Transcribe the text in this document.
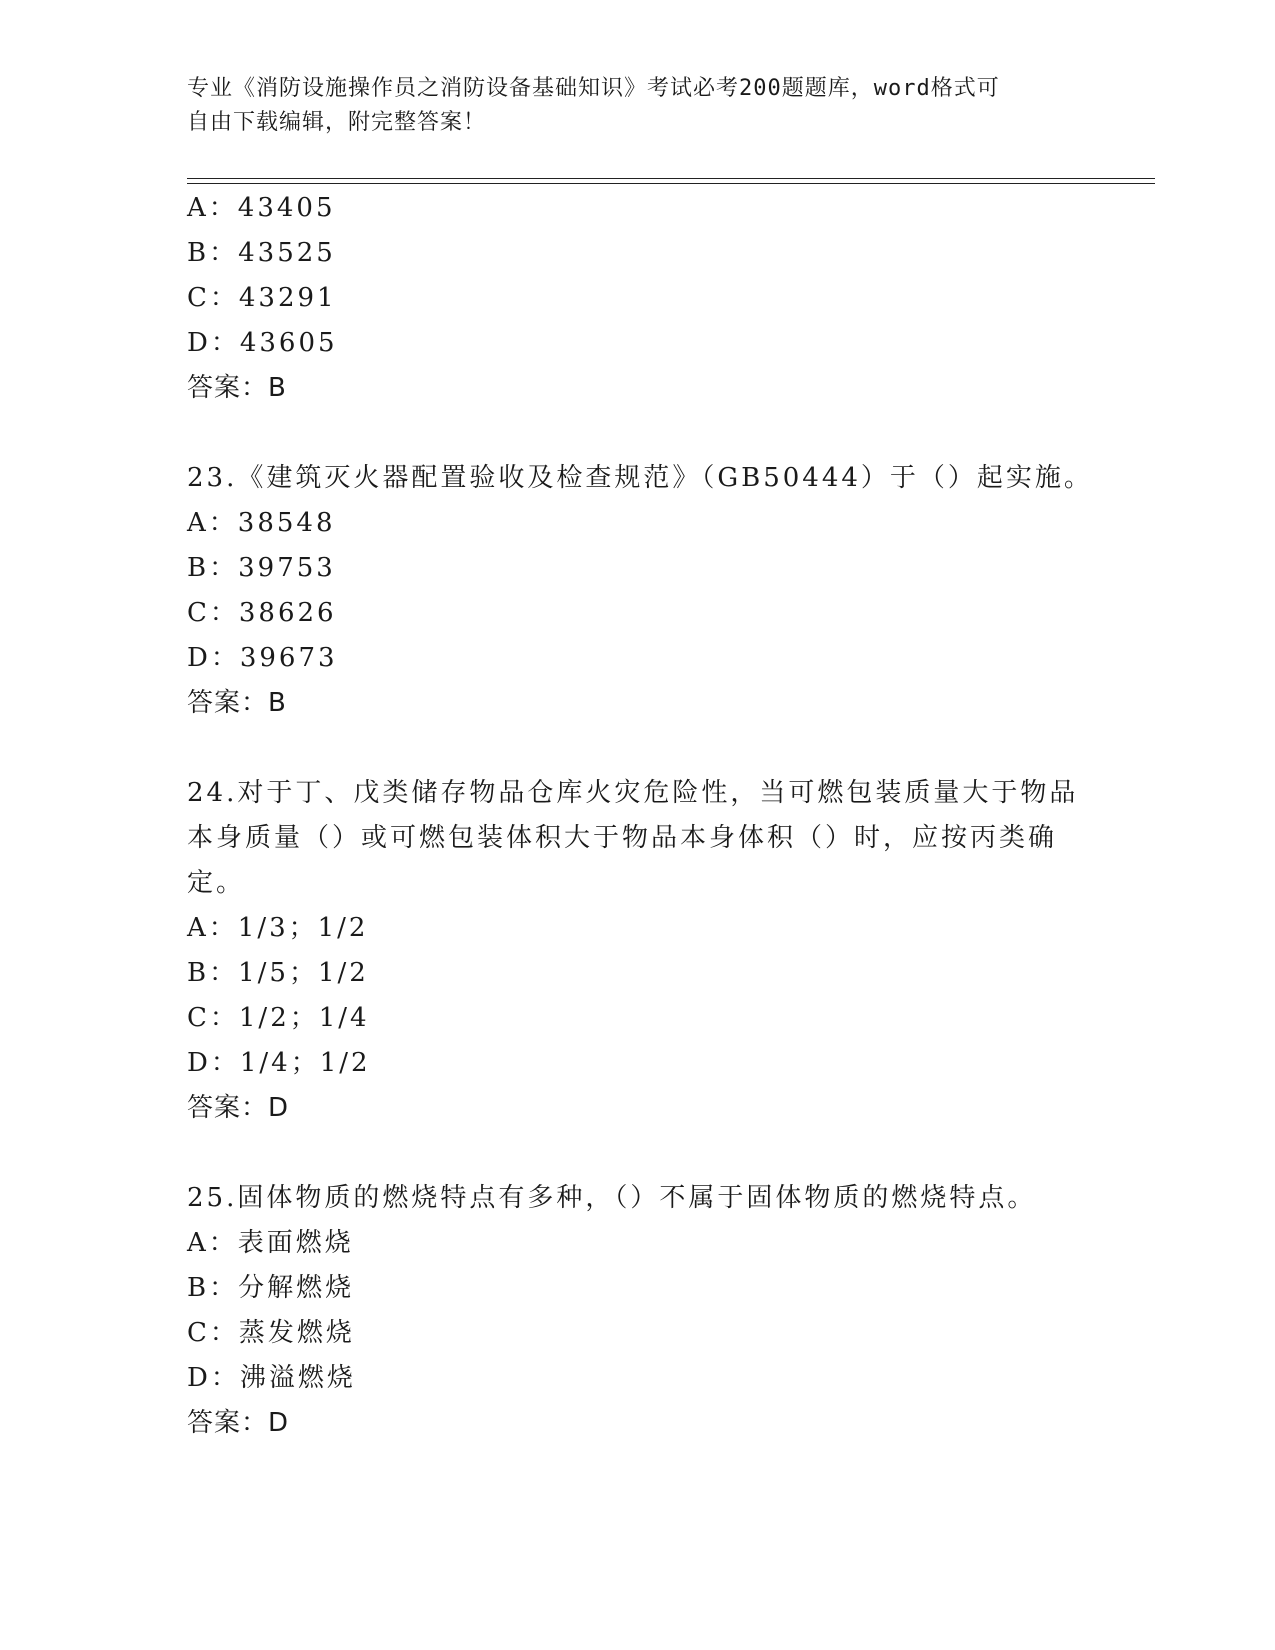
专业《消防设施操作员之消防设备基础知识》考试必考200题题库，word格式可
自由下载编辑，附完整答案！
A：43405
B：43525
C：43291
D：43605
答案：B
23.《建筑灭火器配置验收及检查规范》（GB50444）于（）起实施。
A：38548
B：39753
C：38626
D：39673
答案：B
24.对于丁、戊类储存物品仓库火灾危险性，当可燃包装质量大于物品
本身质量（）或可燃包装体积大于物品本身体积（）时，应按丙类确
定。
A：1/3；1/2
B：1/5；1/2
C：1/2；1/4
D：1/4；1/2
答案：D
25.固体物质的燃烧特点有多种，（）不属于固体物质的燃烧特点。
A：表面燃烧
B：分解燃烧
C：蒸发燃烧
D：沸溢燃烧
答案：D
